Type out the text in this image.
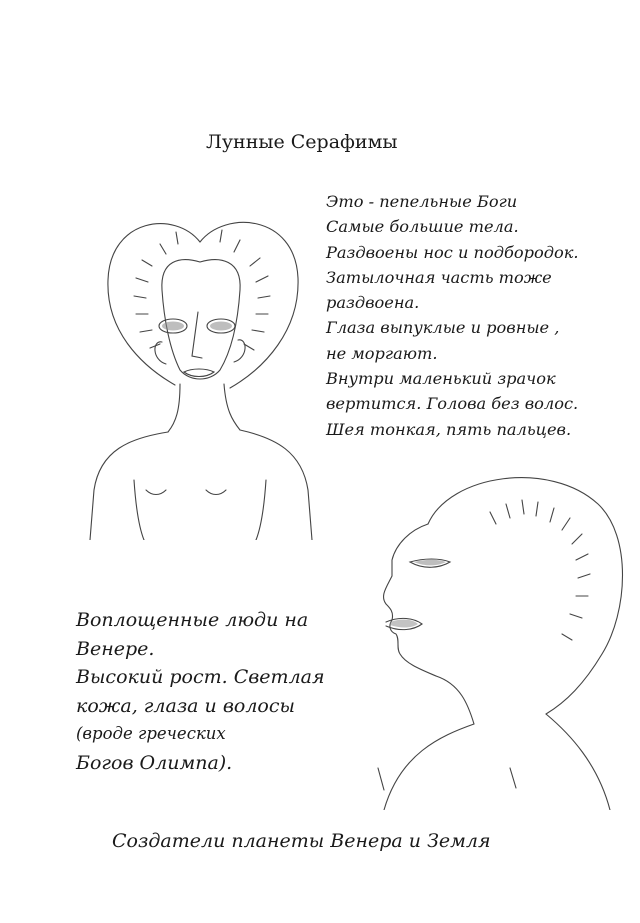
Лунные Серафимы
Это - пепельные Боги
Самые большие тела.
Раздвоены нос и подбородок.
Затылочная часть тоже
раздвоена.
Глаза выпуклые и ровные ,
не моргают.
Внутри маленький зрачок
вертится. Голова без волос.
Шея тонкая, пять пальцев.
Воплощенные люди на
Венере.
Высокий рост. Светлая
кожа, глаза и волосы
(вроде греческих
Богов Олимпа).
Создатели планеты Венера и Земля
